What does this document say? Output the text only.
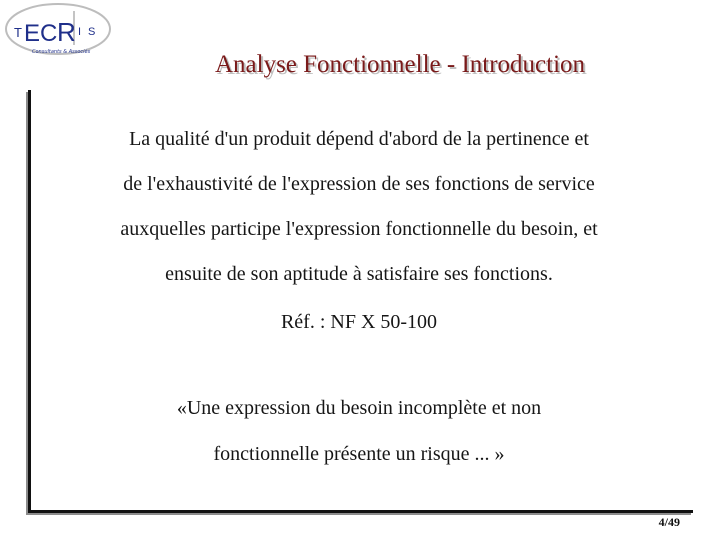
T E C R I S
Consultants & Associés	Analyse Fonctionnelle - Introduction
La qualité d'un produit dépend d'abord de la pertinence et
de l'exhaustivité de l'expression de ses fonctions de service
auxquelles participe l'expression fonctionnelle du besoin, et
ensuite de son aptitude à satisfaire ses fonctions.
Réf. : NF X 50-100
«Une expression du besoin incomplète et non
fonctionnelle présente un risque ... »
4/49
